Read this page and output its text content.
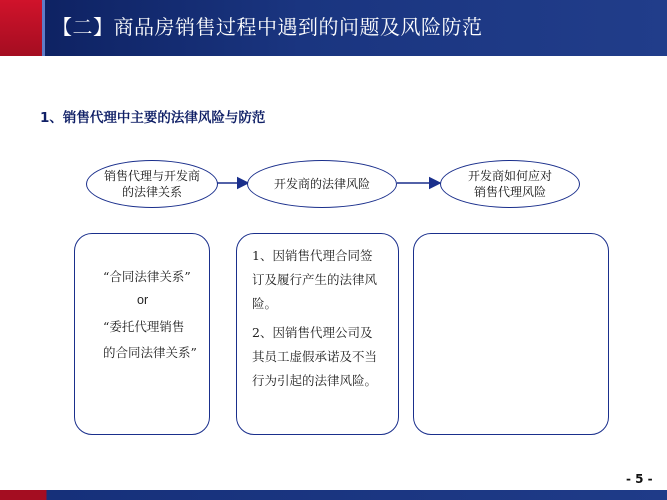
【二】商品房销售过程中遇到的问题及风险防范
1、销售代理中主要的法律风险与防范
销售代理与开发商
的法律关系
开发商的法律风险
开发商如何应对
销售代理风险
“合同法律关系”
or
“委托代理销售
的合同法律关系”
1、因销售代理合同签
订及履行产生的法律风
险。
2、因销售代理公司及
其员工虚假承诺及不当
行为引起的法律风险。
- 5 -
